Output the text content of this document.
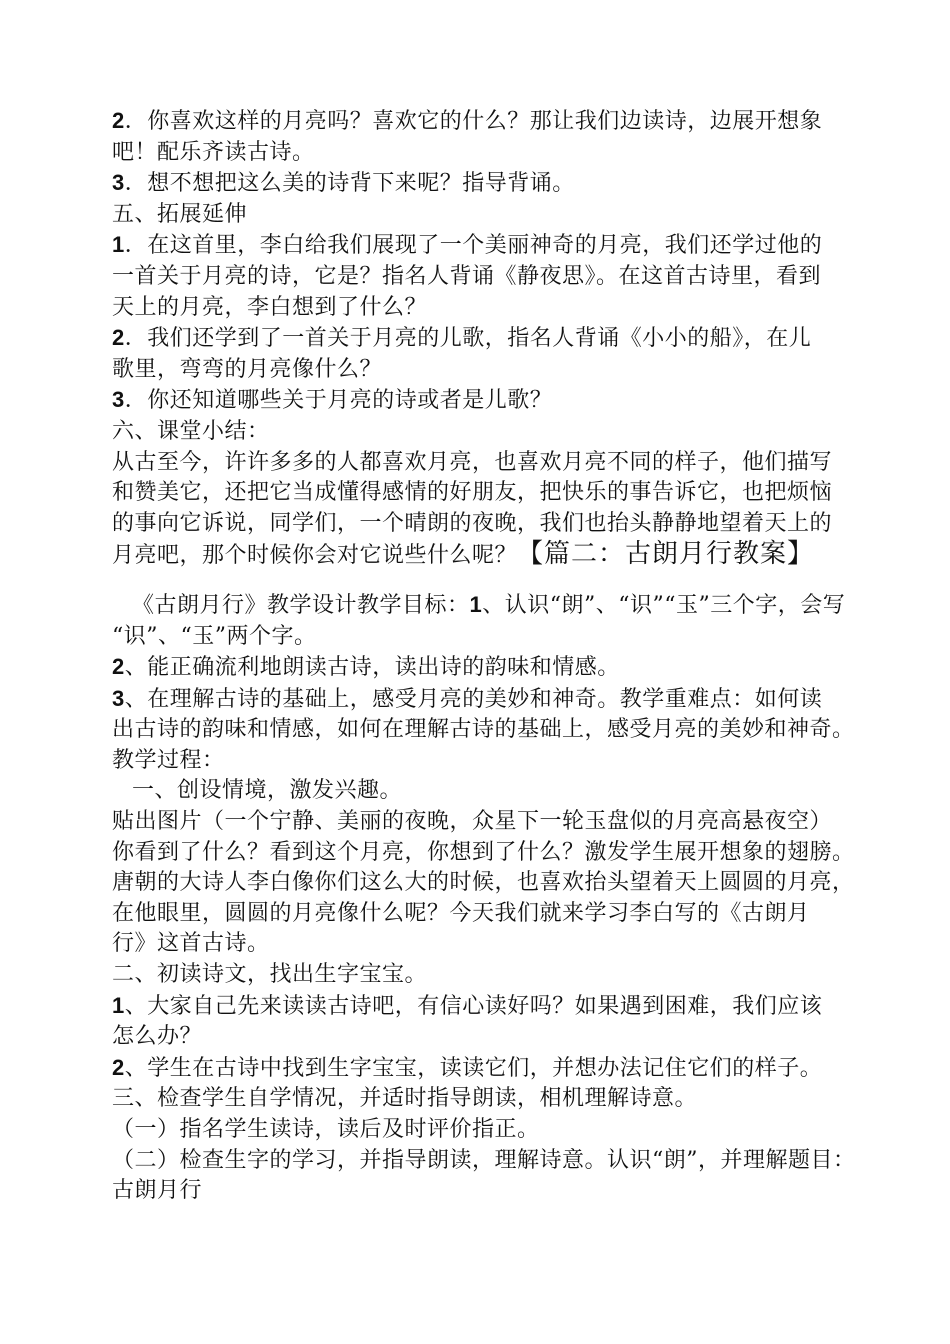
2．你喜欢这样的月亮吗？喜欢它的什么？那让我们边读诗，边展开想象
吧！配乐齐读古诗。
3．想不想把这么美的诗背下来呢？指导背诵。
五、拓展延伸
1．在这首里，李白给我们展现了一个美丽神奇的月亮，我们还学过他的
一首关于月亮的诗，它是？指名人背诵《静夜思》。在这首古诗里，看到
天上的月亮，李白想到了什么？
2．我们还学到了一首关于月亮的儿歌，指名人背诵《小小的船》，在儿
歌里，弯弯的月亮像什么？
3．你还知道哪些关于月亮的诗或者是儿歌？
六、课堂小结：
从古至今，许许多多的人都喜欢月亮，也喜欢月亮不同的样子，他们描写
和赞美它，还把它当成懂得感情的好朋友，把快乐的事告诉它，也把烦恼
的事向它诉说，同学们，一个晴朗的夜晚，我们也抬头静静地望着天上的
月亮吧，那个时候你会对它说些什么呢？【篇二：古朗月行教案】
《古朗月行》教学设计教学目标：1、认识“朗”、“识”“玉”三个字，会写
“识”、“玉”两个字。
2、能正确流利地朗读古诗，读出诗的韵味和情感。
3、在理解古诗的基础上，感受月亮的美妙和神奇。教学重难点：如何读
出古诗的韵味和情感，如何在理解古诗的基础上，感受月亮的美妙和神奇。
教学过程：
一、创设情境，激发兴趣。
贴出图片（一个宁静、美丽的夜晚，众星下一轮玉盘似的月亮高悬夜空）
你看到了什么？看到这个月亮，你想到了什么？激发学生展开想象的翅膀。
唐朝的大诗人李白像你们这么大的时候，也喜欢抬头望着天上圆圆的月亮，
在他眼里，圆圆的月亮像什么呢？今天我们就来学习李白写的《古朗月
行》这首古诗。
二、初读诗文，找出生字宝宝。
1、大家自己先来读读古诗吧，有信心读好吗？如果遇到困难，我们应该
怎么办？
2、学生在古诗中找到生字宝宝，读读它们，并想办法记住它们的样子。
三、检查学生自学情况，并适时指导朗读，相机理解诗意。
（一）指名学生读诗，读后及时评价指正。
（二）检查生字的学习，并指导朗读，理解诗意。认识“朗”，并理解题目：
古朗月行
